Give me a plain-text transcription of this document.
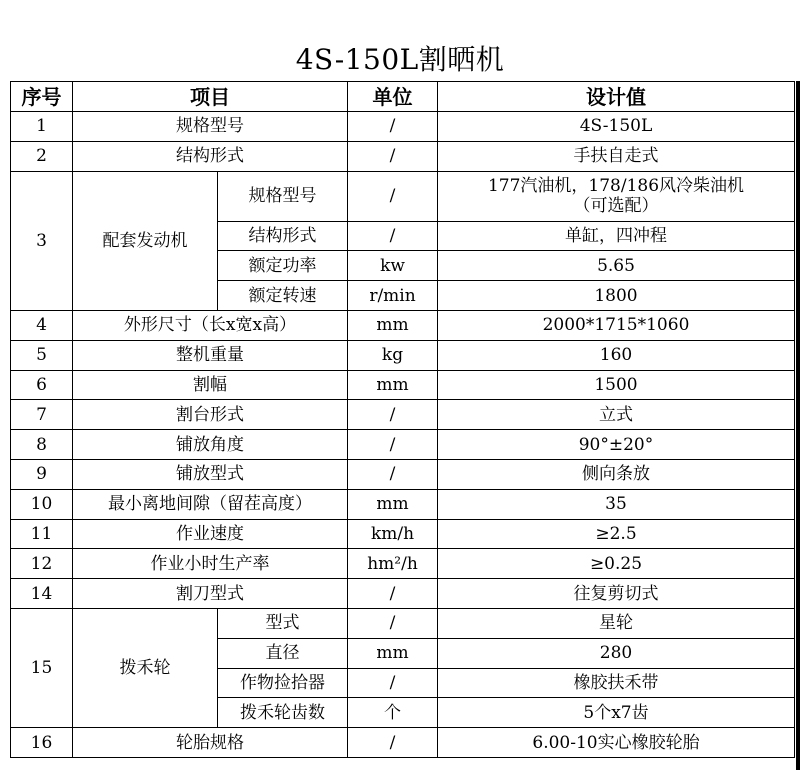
4S-150L割晒机
序号	项目		单位	设计值
1	规格型号		/	4S-150L
2	结构形式		/	手扶自走式
3	配套发动机	规格型号	/	177汽油机，178/186风冷柴油机（可选配）
		结构形式	/	单缸，四冲程
		额定功率	kw	5.65
		额定转速	r/min	1800
4	外形尺寸（长x宽x高）		mm	2000*1715*1060
5	整机重量		kg	160
6	割幅		mm	1500
7	割台形式		/	立式
8	铺放角度		/	90°±20°
9	铺放型式		/	侧向条放
10	最小离地间隙（留茬高度）		mm	35
11	作业速度		km/h	≥2.5
12	作业小时生产率		hm²/h	≥0.25
14	割刀型式		/	往复剪切式
15	拨禾轮	型式	/	星轮
		直径	mm	280
		作物捡拾器	/	橡胶扶禾带
		拨禾轮齿数	个	5个x7齿
16	轮胎规格		/	6.00-10实心橡胶轮胎
